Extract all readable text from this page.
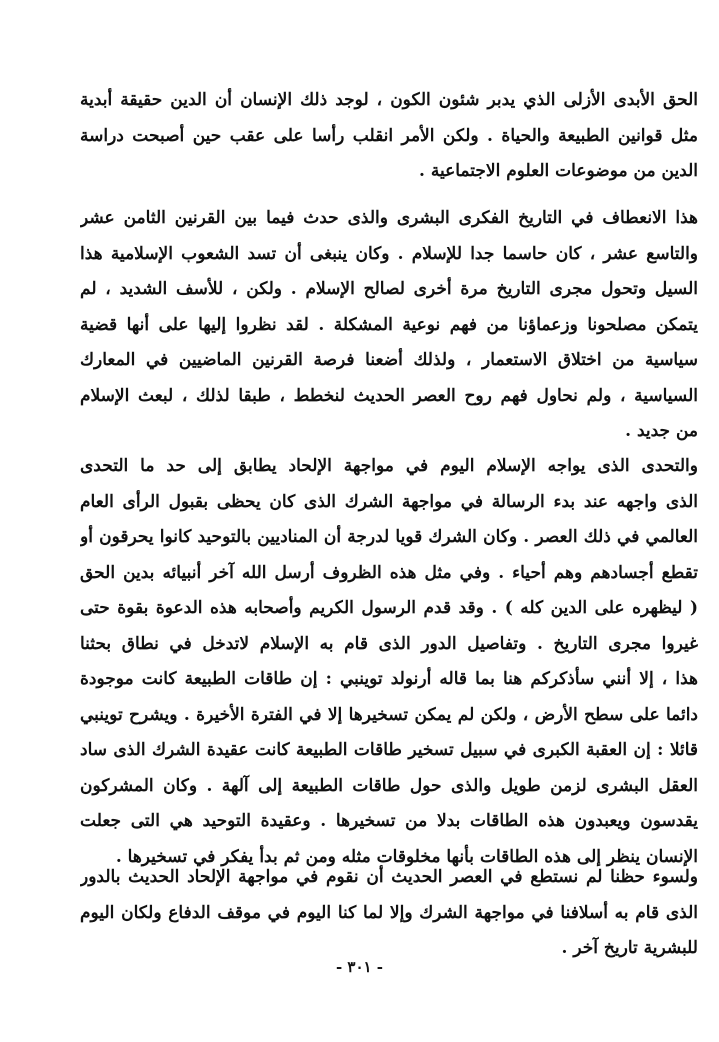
الحق الأبدى الأزلى الذي يدبر شئون الكون ، لوجد ذلك الإنسان أن الدين حقيقة أبدية
مثل قوانين الطبيعة والحياة . ولكن الأمر انقلب رأسا على عقب حين أصبحت دراسة
الدين من موضوعات العلوم الاجتماعية .
هذا الانعطاف في التاريخ الفكرى البشرى والذى حدث فيما بين القرنين الثامن عشر
والتاسع عشر ، كان حاسما جدا للإسلام . وكان ينبغى أن تسد الشعوب الإسلامية هذا
السيل وتحول مجرى التاريخ مرة أخرى لصالح الإسلام . ولكن ، للأسف الشديد ، لم
يتمكن مصلحونا وزعماؤنا من فهم نوعية المشكلة . لقد نظروا إليها على أنها قضية
سياسية من اختلاق الاستعمار ، ولذلك أضعنا فرصة القرنين الماضيين في المعارك
السياسية ، ولم نحاول فهم روح العصر الحديث لنخطط ، طبقا لذلك ، لبعث الإسلام
من جديد .
والتحدى الذى يواجه الإسلام اليوم في مواجهة الإلحاد يطابق إلى حد ما التحدى
الذى واجهه عند بدء الرسالة في مواجهة الشرك الذى كان يحظى بقبول الرأى العام
العالمي في ذلك العصر . وكان الشرك قويا لدرجة أن المناديين بالتوحيد كانوا يحرقون أو
تقطع أجسادهم وهم أحياء . وفي مثل هذه الظروف أرسل الله آخر أنبيائه بدين الحق
( ليظهره على الدين كله ) . وقد قدم الرسول الكريم وأصحابه هذه الدعوة بقوة حتى
غيروا مجرى التاريخ . وتفاصيل الدور الذى قام به الإسلام لاتدخل في نطاق بحثنا
هذا ، إلا أنني سأذكركم هنا بما قاله أرنولد توينبي : إن طاقات الطبيعة كانت موجودة
دائما على سطح الأرض ، ولكن لم يمكن تسخيرها إلا في الفترة الأخيرة . ويشرح توينبي
قائلا : إن العقبة الكبرى في سبيل تسخير طاقات الطبيعة كانت عقيدة الشرك الذى ساد
العقل البشرى لزمن طويل والذى حول طاقات الطبيعة إلى آلهة . وكان المشركون
يقدسون ويعبدون هذه الطاقات بدلا من تسخيرها . وعقيدة التوحيد هي التى جعلت
الإنسان ينظر إلى هذه الطاقات بأنها مخلوقات مثله ومن ثم بدأ يفكر في تسخيرها .
ولسوء حظنا لم نستطع في العصر الحديث أن نقوم في مواجهة الإلحاد الحديث بالدور
الذى قام به أسلافنا في مواجهة الشرك وإلا لما كنا اليوم في موقف الدفاع ولكان اليوم
للبشرية تاريخ آخر .
- ٣٠١ -
